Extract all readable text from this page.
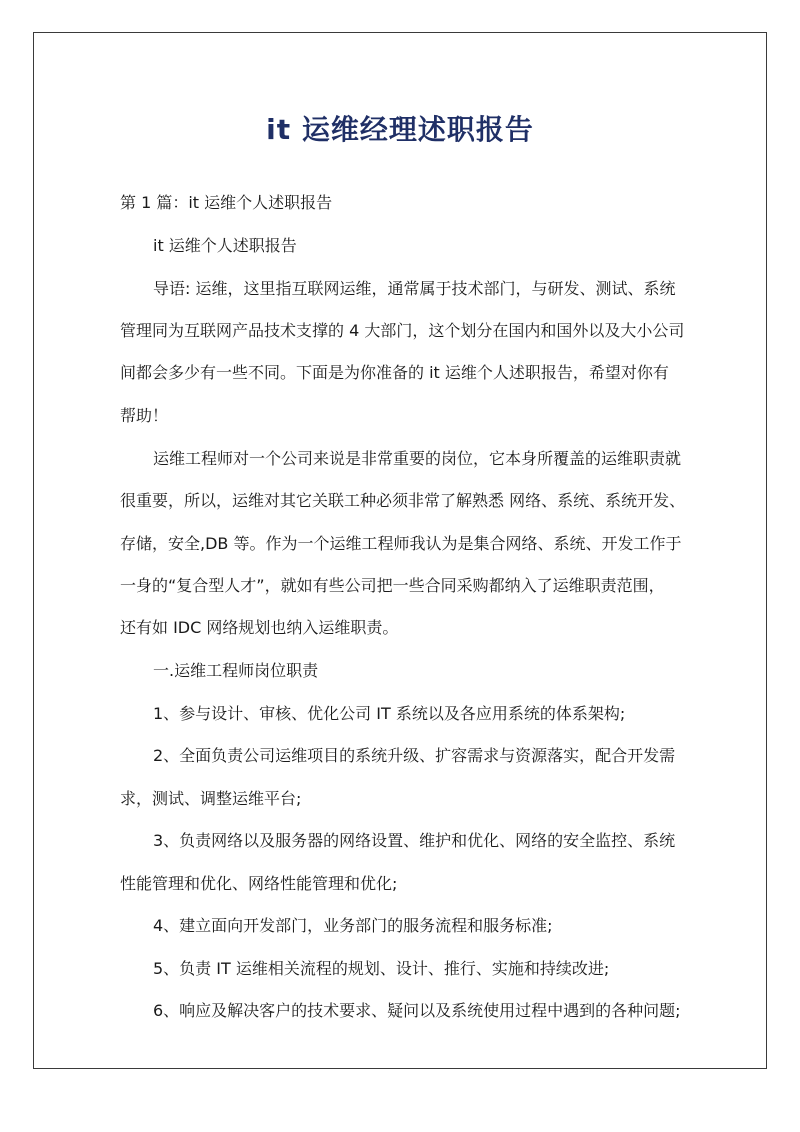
it 运维经理述职报告
第 1 篇：it 运维个人述职报告
it 运维个人述职报告
导语: 运维，这里指互联网运维，通常属于技术部门，与研发、测试、系统
管理同为互联网产品技术支撑的 4 大部门，这个划分在国内和国外以及大小公司
间都会多少有一些不同。下面是为你准备的 it 运维个人述职报告，希望对你有
帮助！
运维工程师对一个公司来说是非常重要的岗位，它本身所覆盖的运维职责就
很重要，所以，运维对其它关联工种必须非常了解熟悉 网络、系统、系统开发、
存储，安全,DB 等。作为一个运维工程师我认为是集合网络、系统、开发工作于
一身的“复合型人才”，就如有些公司把一些合同采购都纳入了运维职责范围，
还有如 IDC 网络规划也纳入运维职责。
一.运维工程师岗位职责
1、参与设计、审核、优化公司 IT 系统以及各应用系统的体系架构;
2、全面负责公司运维项目的系统升级、扩容需求与资源落实，配合开发需
求，测试、调整运维平台;
3、负责网络以及服务器的网络设置、维护和优化、网络的安全监控、系统
性能管理和优化、网络性能管理和优化;
4、建立面向开发部门，业务部门的服务流程和服务标准;
5、负责 IT 运维相关流程的规划、设计、推行、实施和持续改进;
6、响应及解决客户的技术要求、疑问以及系统使用过程中遇到的各种问题;
